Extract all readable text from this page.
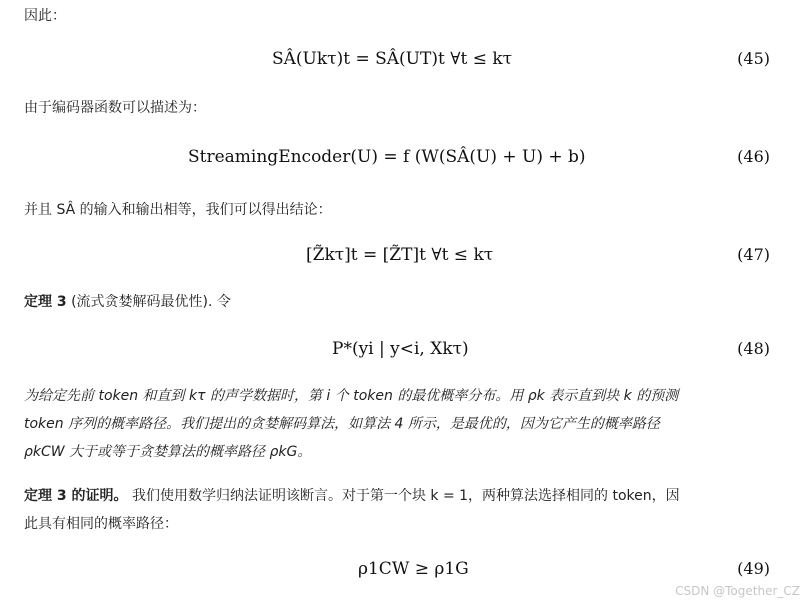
因此：
SÂ(Ukτ)t = SÂ(UT)t ∀t ≤ kτ	(45)
由于编码器函数可以描述为：
StreamingEncoder(U) = f (W(SÂ(U) + U) + b)	(46)
并且 SÂ 的输入和输出相等，我们可以得出结论：
[Z̃kτ]t = [Z̃T]t ∀t ≤ kτ	(47)
定理 3 (流式贪婪解码最优性). 令
P*(yi | y<i, Xkτ)	(48)
为给定先前 token 和直到 kτ 的声学数据时，第 i 个 token 的最优概率分布。用 ρk 表示直到块 k 的预测
token 序列的概率路径。我们提出的贪婪解码算法，如算法 4 所示，是最优的，因为它产生的概率路径
ρkCW 大于或等于贪婪算法的概率路径 ρkG。
定理 3 的证明。 我们使用数学归纳法证明该断言。对于第一个块 k = 1，两种算法选择相同的 token，因
此具有相同的概率路径：
ρ1CW ≥ ρ1G	(49)
CSDN @Together_CZ
